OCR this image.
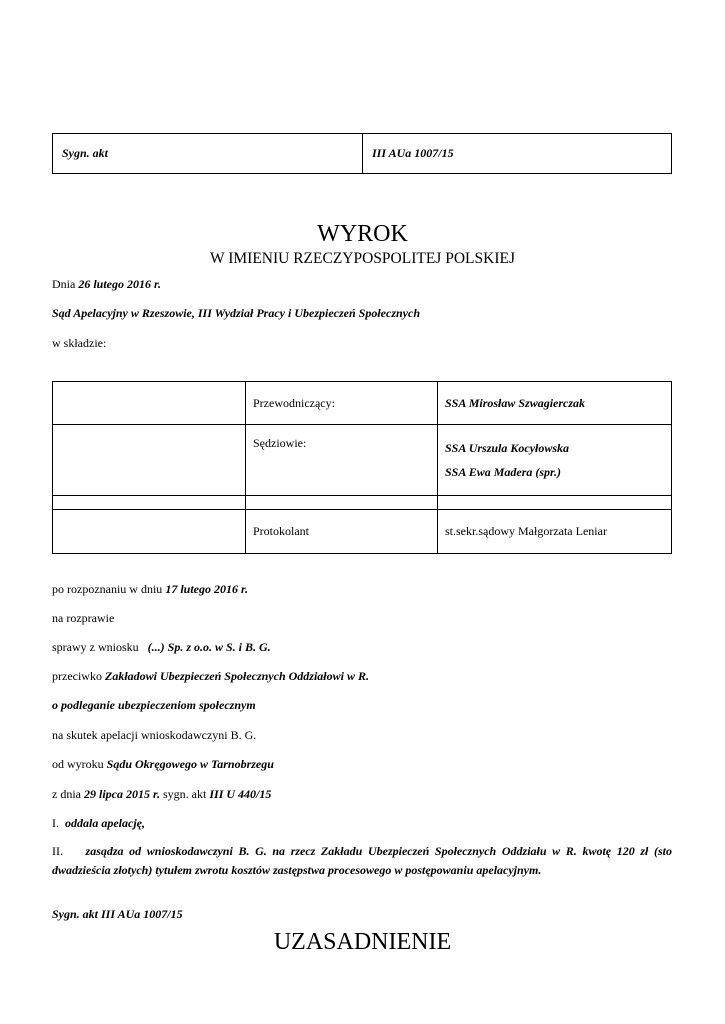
Sygn. akt	III AUa 1007/15
WYROK
W IMIENIU RZECZYPOSPOLITEJ POLSKIEJ
Dnia 26 lutego 2016 r.
Sąd Apelacyjny w Rzeszowie, III Wydział Pracy i Ubezpieczeń Społecznych
w składzie:
	Przewodniczący:	SSA Mirosław Szwagierczak
	Sędziowie:	SSA Urszula Kocyłowska
SSA Ewa Madera (spr.)

	Protokolant	st.sekr.sądowy Małgorzata Leniar
po rozpoznaniu w dniu 17 lutego 2016 r.
na rozprawie
sprawy z wniosku   (...) Sp. z o.o. w S. i B. G.
przeciwko Zakładowi Ubezpieczeń Społecznych Oddziałowi w R.
o podleganie ubezpieczeniom społecznym
na skutek apelacji wnioskodawczyni B. G.
od wyroku Sądu Okręgowego w Tarnobrzegu
z dnia 29 lipca 2015 r. sygn. akt III U 440/15
I. oddala apelację,
II. zasądza od wnioskodawczyni B. G. na rzecz Zakładu Ubezpieczeń Społecznych Oddziału w R. kwotę 120 zł (sto dwadzieścia złotych) tytułem zwrotu kosztów zastępstwa procesowego w postępowaniu apelacyjnym.
Sygn. akt III AUa 1007/15
UZASADNIENIE
